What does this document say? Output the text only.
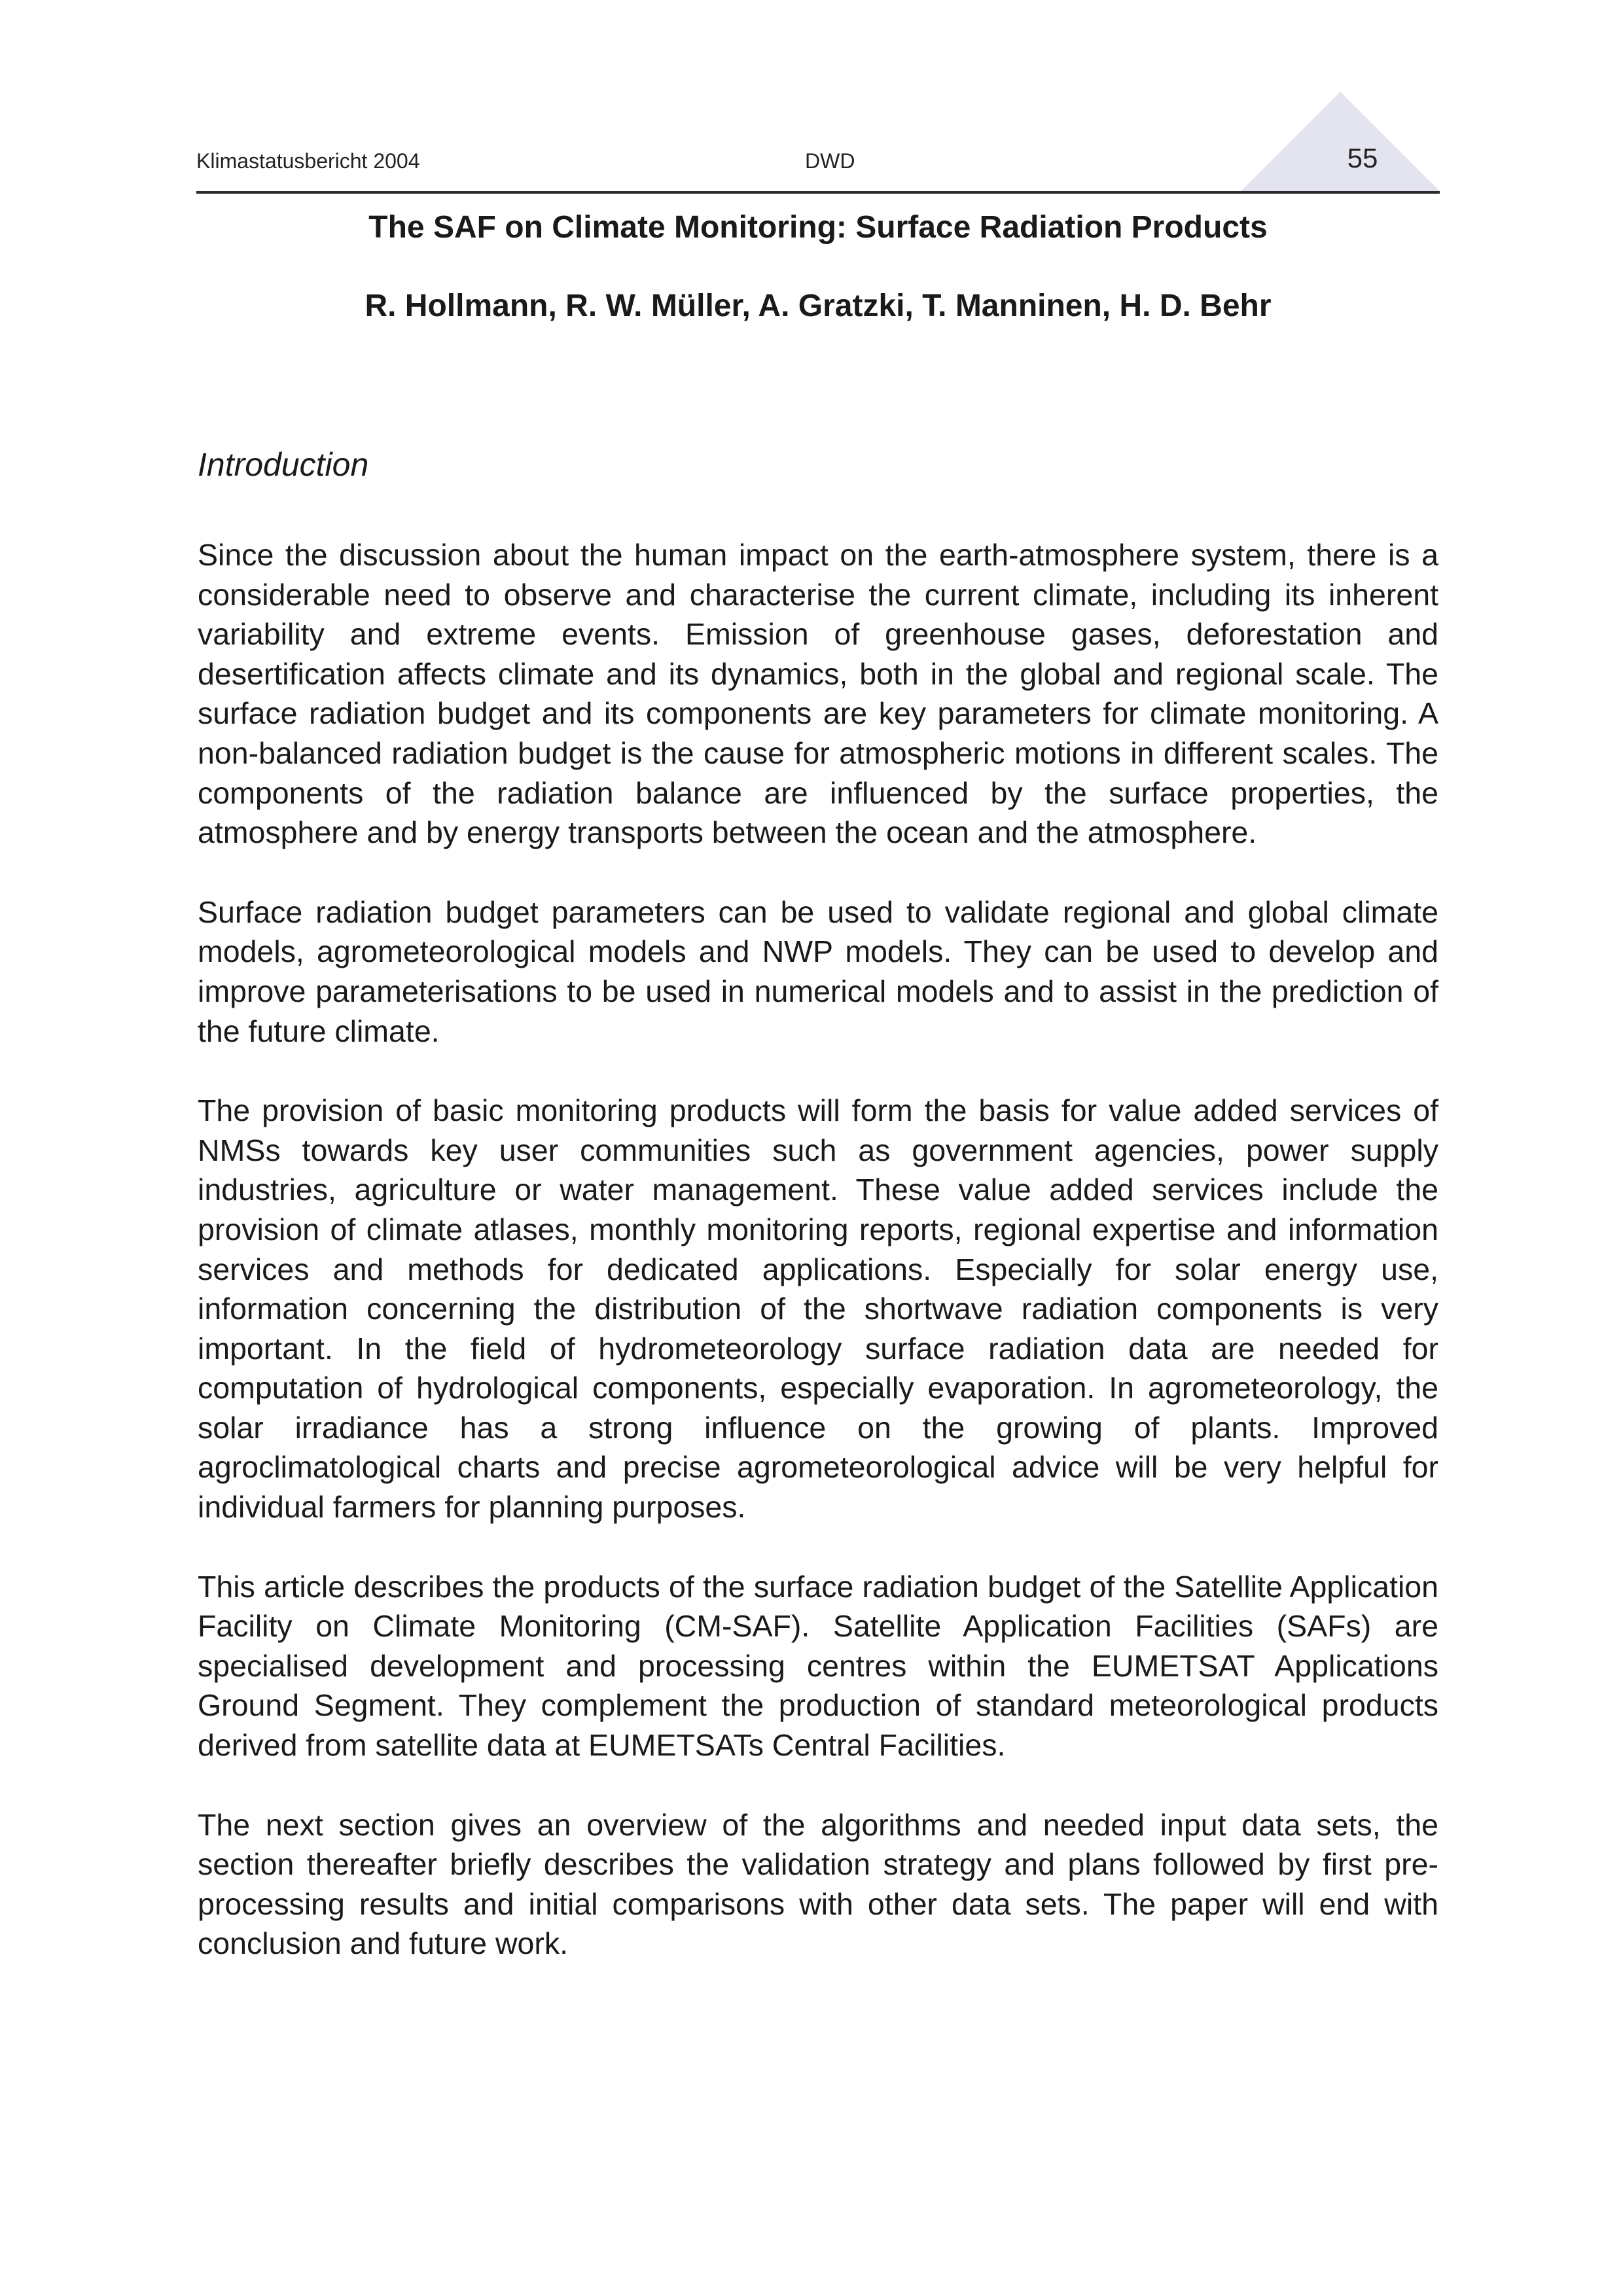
Klimastatusbericht 2004	DWD	55
The SAF on Climate Monitoring: Surface Radiation Products
R. Hollmann, R. W. Müller, A. Gratzki, T. Manninen, H. D. Behr
Introduction

Since the discussion about the human impact on the earth-atmosphere system, there is a considerable need to observe and characterise the current climate, including its inherent variability and extreme events. Emission of greenhouse gases, deforestation and desertification affects climate and its dynamics, both in the global and regional scale. The surface radiation budget and its components are key parameters for climate monitoring. A non-balanced radiation budget is the cause for atmospheric motions in different scales. The components of the radiation balance are influenced by the surface properties, the atmosphere and by energy transports between the ocean and the atmosphere.

Surface radiation budget parameters can be used to validate regional and global climate models, agrometeorological models and NWP models. They can be used to develop and improve parameterisations to be used in numerical models and to assist in the prediction of the future climate.

The provision of basic monitoring products will form the basis for value added services of NMSs towards key user communities such as government agencies, power supply industries, agriculture or water management. These value added services include the provision of climate atlases, monthly monitoring reports, regional expertise and information services and methods for dedicated applications. Especially for solar energy use, information concerning the distribution of the shortwave radiation components is very important. In the field of hydrometeorology surface radiation data are needed for computation of hydrological components, especially evaporation. In agrometeorology, the solar irradiance has a strong influence on the growing of plants. Improved agroclimatological charts and precise agrometeorological advice will be very helpful for individual farmers for planning purposes.

This article describes the products of the surface radiation budget of the Satellite Application Facility on Climate Monitoring (CM-SAF). Satellite Application Facilities (SAFs) are specialised development and processing centres within the EUMETSAT Applications Ground Segment. They complement the production of standard meteorological products derived from satellite data at EUMETSATs Central Facilities.

The next section gives an overview of the algorithms and needed input data sets, the section thereafter briefly describes the validation strategy and plans followed by first pre-processing results and initial comparisons with other data sets. The paper will end with conclusion and future work.
